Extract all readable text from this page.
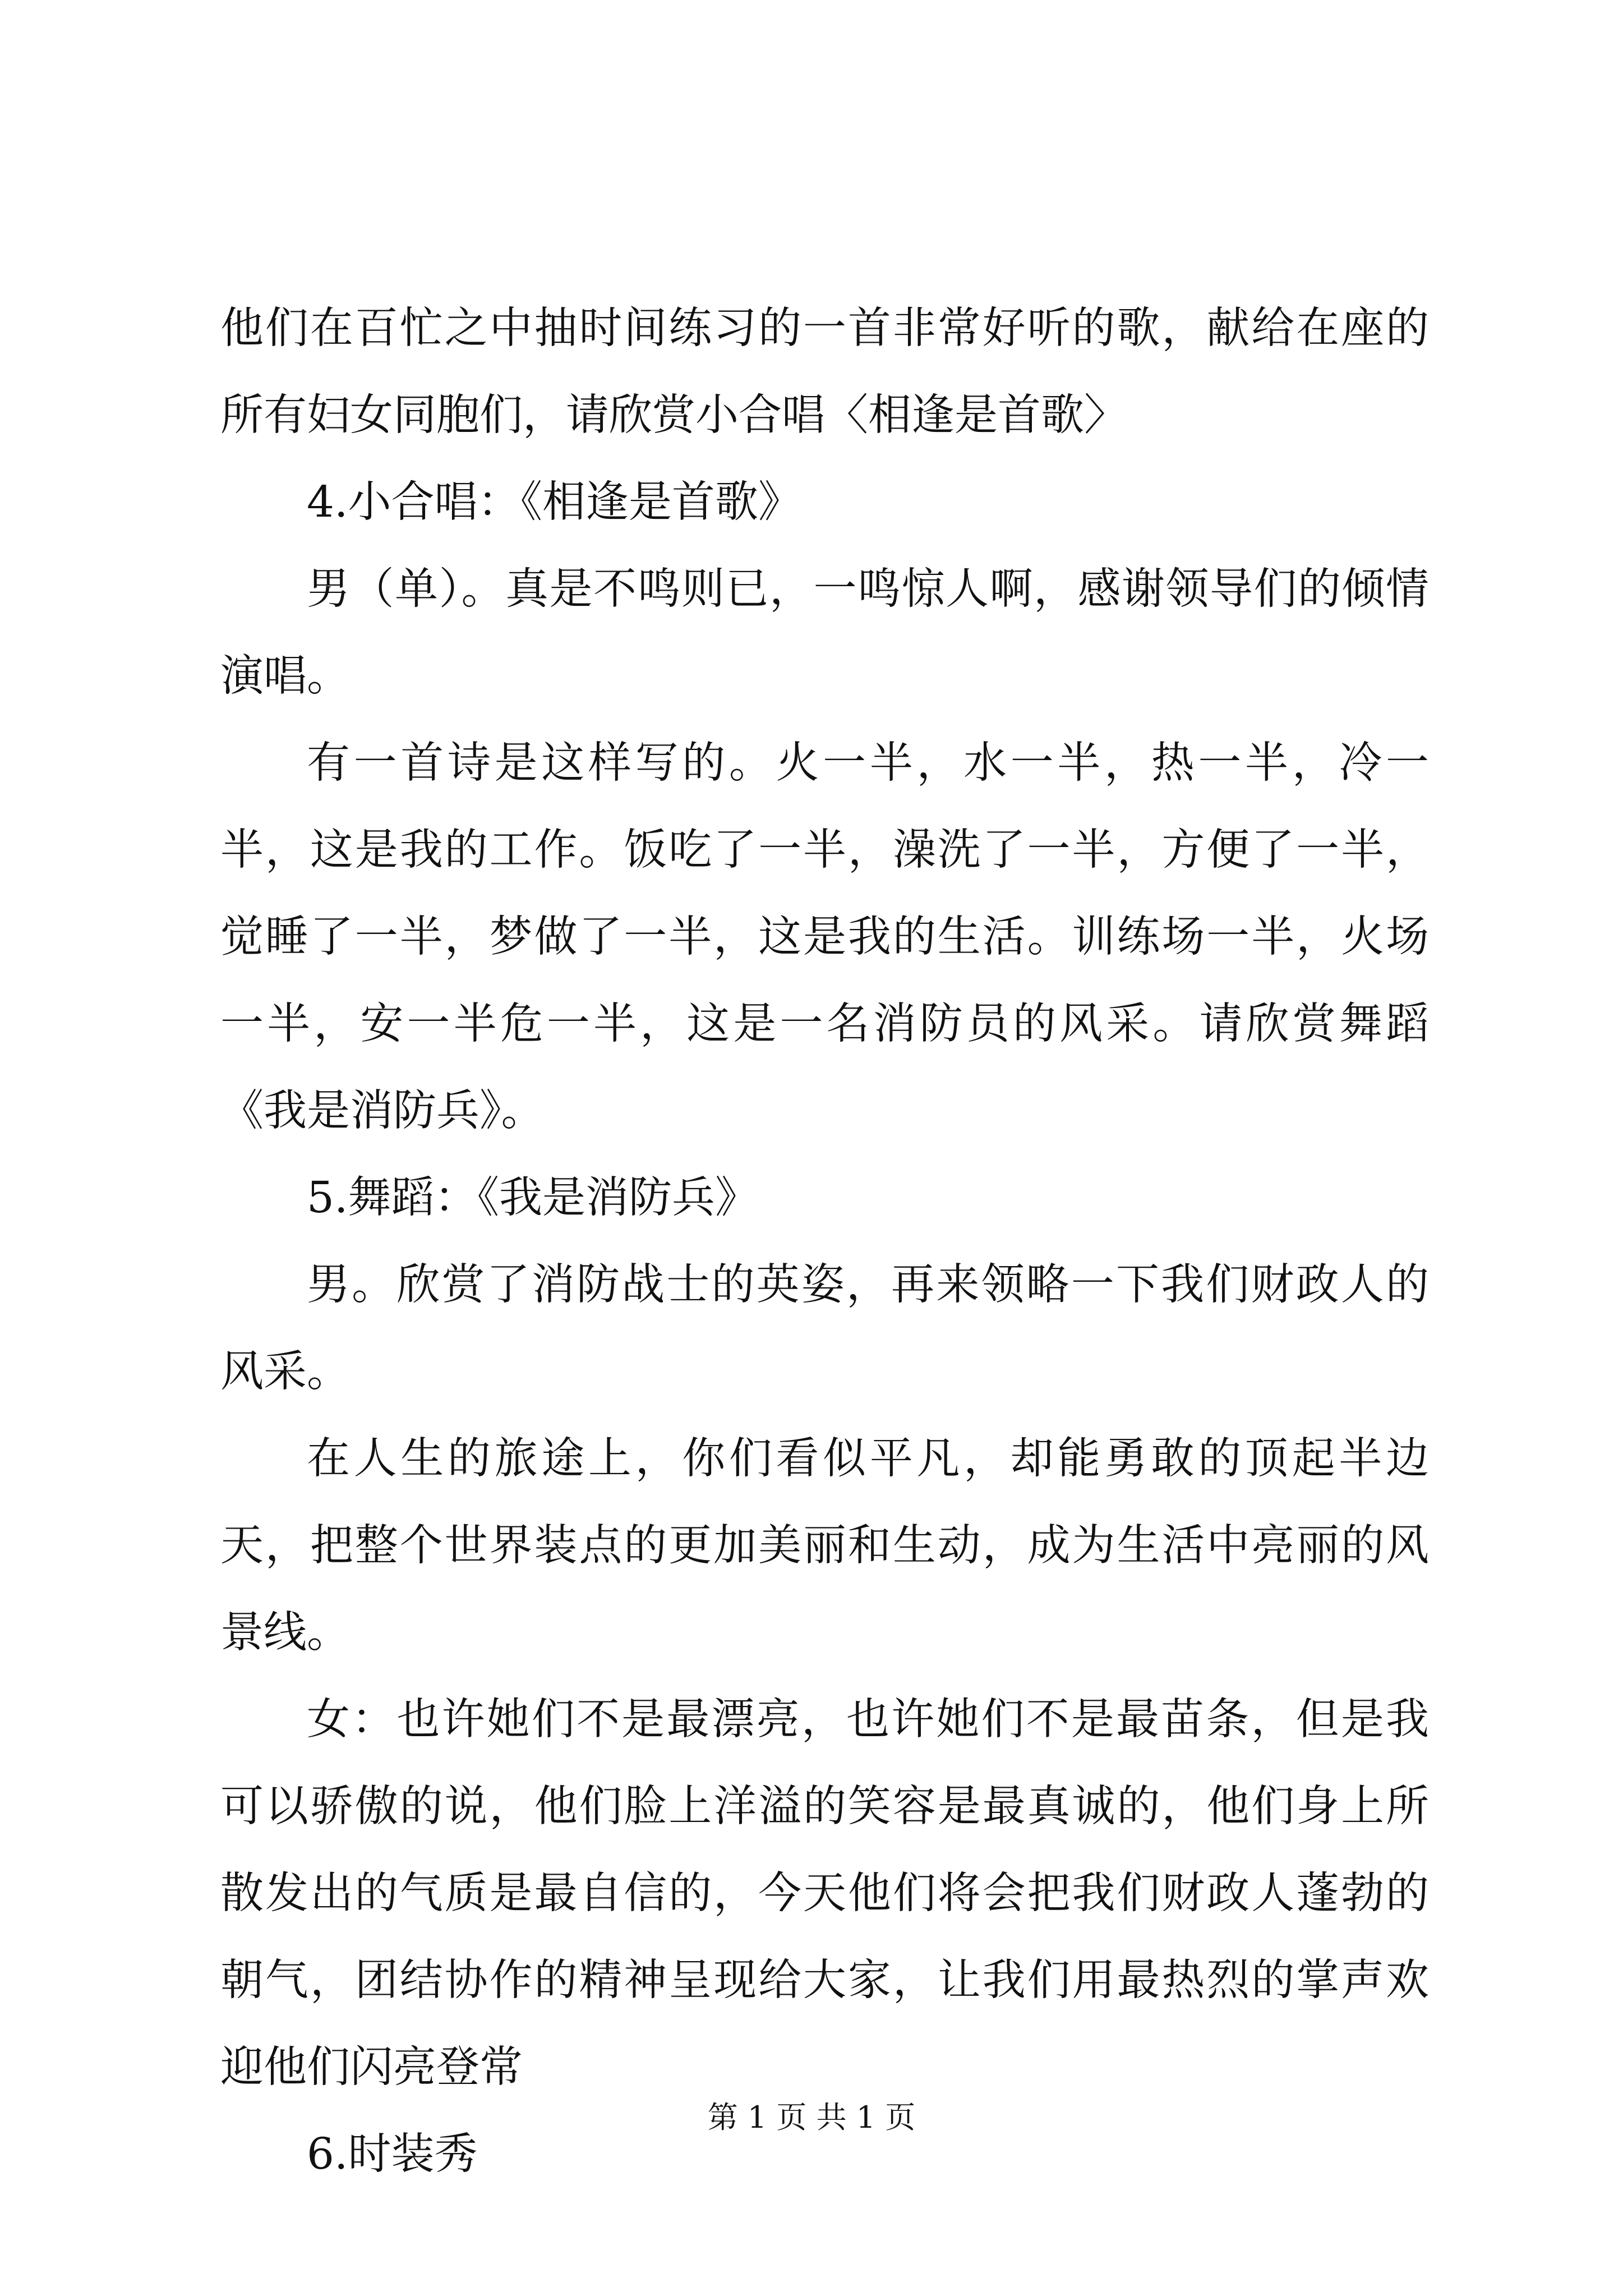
他们在百忙之中抽时间练习的一首非常好听的歌，献给在座的所有妇女同胞们，请欣赏小合唱〈相逢是首歌〉

4.小合唱：《相逢是首歌》

男（单）。真是不鸣则已，一鸣惊人啊，感谢领导们的倾情演唱。

有一首诗是这样写的。火一半，水一半，热一半，冷一半，这是我的工作。饭吃了一半，澡洗了一半，方便了一半，觉睡了一半，梦做了一半，这是我的生活。训练场一半，火场一半，安一半危一半，这是一名消防员的风采。请欣赏舞蹈《我是消防兵》。

5.舞蹈：《我是消防兵》

男。欣赏了消防战士的英姿，再来领略一下我们财政人的风采。

在人生的旅途上，你们看似平凡，却能勇敢的顶起半边天，把整个世界装点的更加美丽和生动，成为生活中亮丽的风景线。

女：也许她们不是最漂亮，也许她们不是最苗条，但是我可以骄傲的说，他们脸上洋溢的笑容是最真诚的，他们身上所散发出的气质是最自信的，今天他们将会把我们财政人蓬勃的朝气，团结协作的精神呈现给大家，让我们用最热烈的掌声欢迎他们闪亮登常

6.时装秀

第 1 页 共 1 页
